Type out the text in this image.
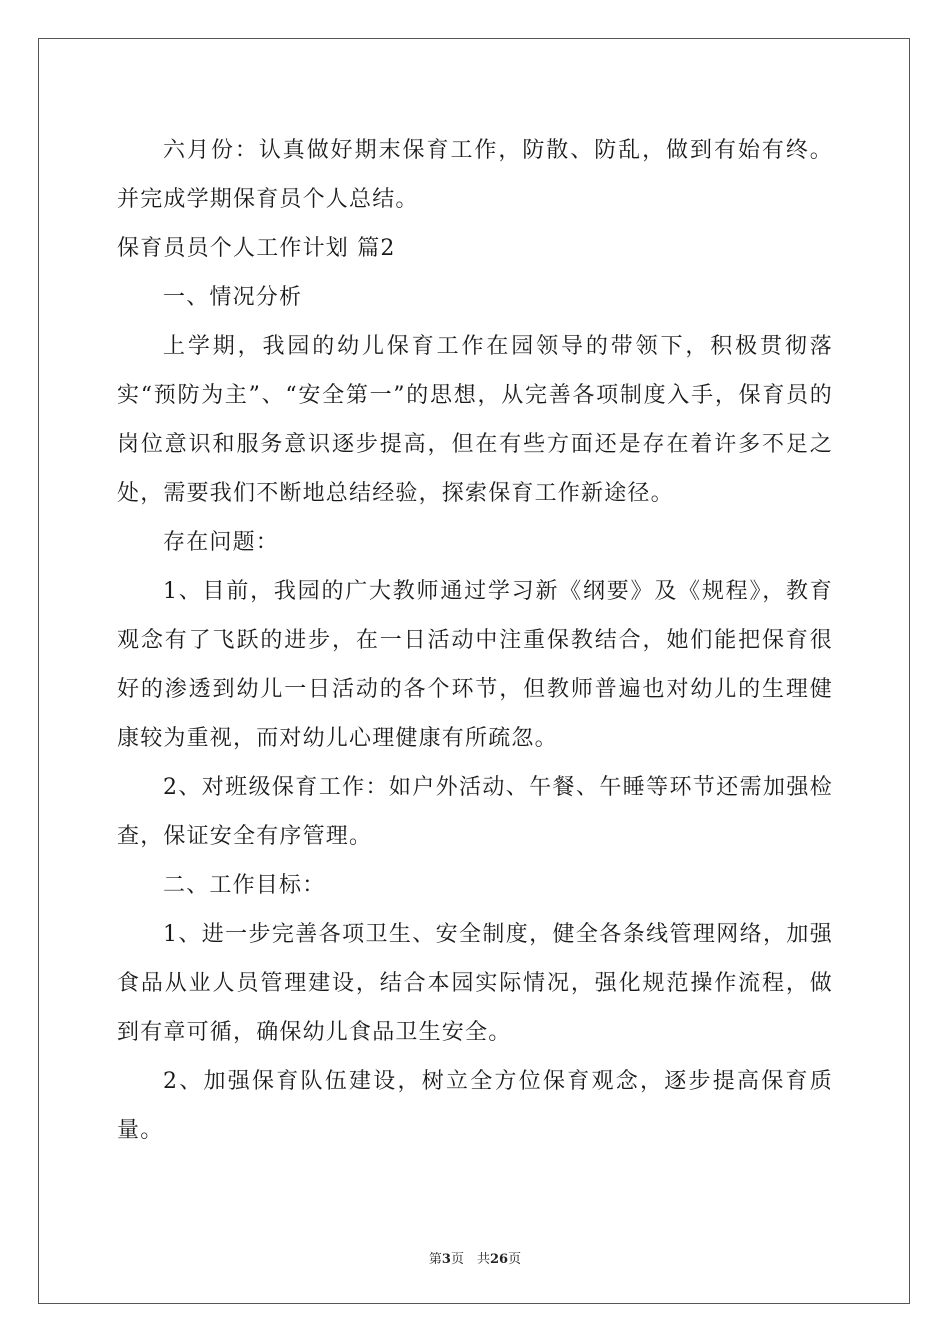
六月份：认真做好期末保育工作，防散、防乱，做到有始有终。并完成学期保育员个人总结。

保育员员个人工作计划 篇2

一、情况分析

上学期，我园的幼儿保育工作在园领导的带领下，积极贯彻落实“预防为主”、“安全第一”的思想，从完善各项制度入手，保育员的岗位意识和服务意识逐步提高，但在有些方面还是存在着许多不足之处，需要我们不断地总结经验，探索保育工作新途径。

存在问题：

1、目前，我园的广大教师通过学习新《纲要》及《规程》，教育观念有了飞跃的进步，在一日活动中注重保教结合，她们能把保育很好的渗透到幼儿一日活动的各个环节，但教师普遍也对幼儿的生理健康较为重视，而对幼儿心理健康有所疏忽。

2、对班级保育工作：如户外活动、午餐、午睡等环节还需加强检查，保证安全有序管理。

二、工作目标：

1、进一步完善各项卫生、安全制度，健全各条线管理网络，加强食品从业人员管理建设，结合本园实际情况，强化规范操作流程，做到有章可循，确保幼儿食品卫生安全。

2、加强保育队伍建设，树立全方位保育观念，逐步提高保育质量。

第3页　共26页
